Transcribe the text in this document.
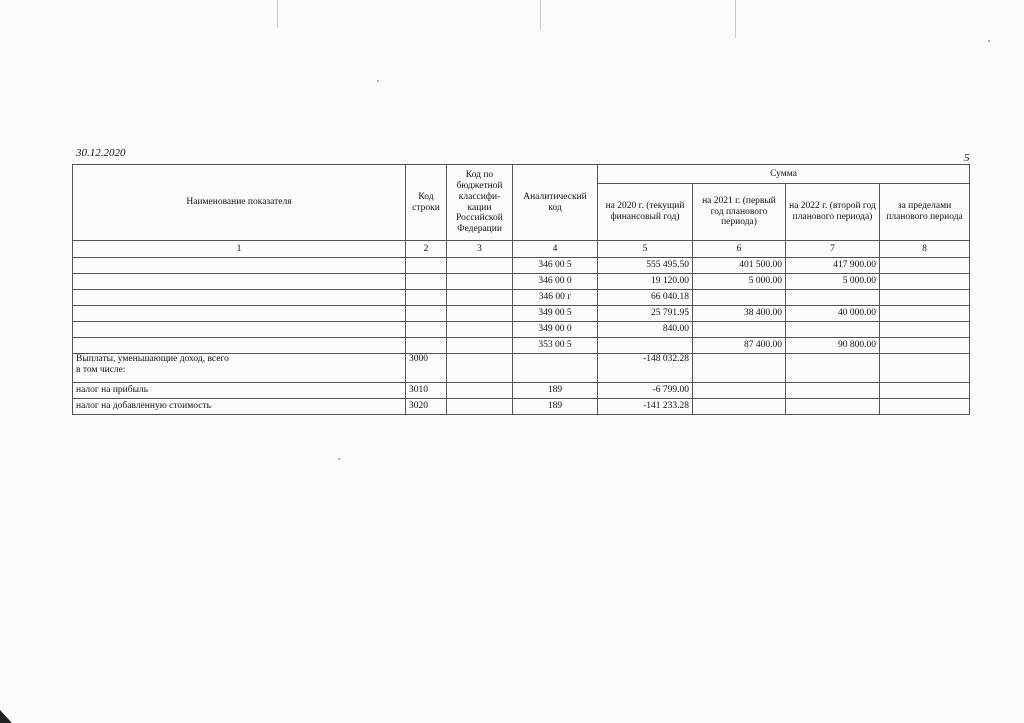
30.12.2020	5
Наименование показателя	Код строки	Код по бюджетной классифи-кации Российской Федерации	Аналитический код	Сумма			
				на 2020 г. (текущий финансовый год)	на 2021 г. (первый год планового периода)	на 2022 г. (второй год планового периода)	за пределами планового периода
1	2	3	4	5	6	7	8
			346 00 5	555 495.50	401 500.00	417 900.00	
			346 00 0	19 120.00	5 000.00	5 000.00	
			346 00 г	66 040.18			
			349 00 5	25 791.95	38 400.00	40 000.00	
			349 00 0	840.00			
			353 00 5		87 400.00	90 800.00	
Выплаты, уменьшающие доход, всего
в том числе:	3000			-148 032.28			
налог на прибыль	3010		189	-6 799.00			
налог на добавленную стоимость	3020		189	-141 233.28			
